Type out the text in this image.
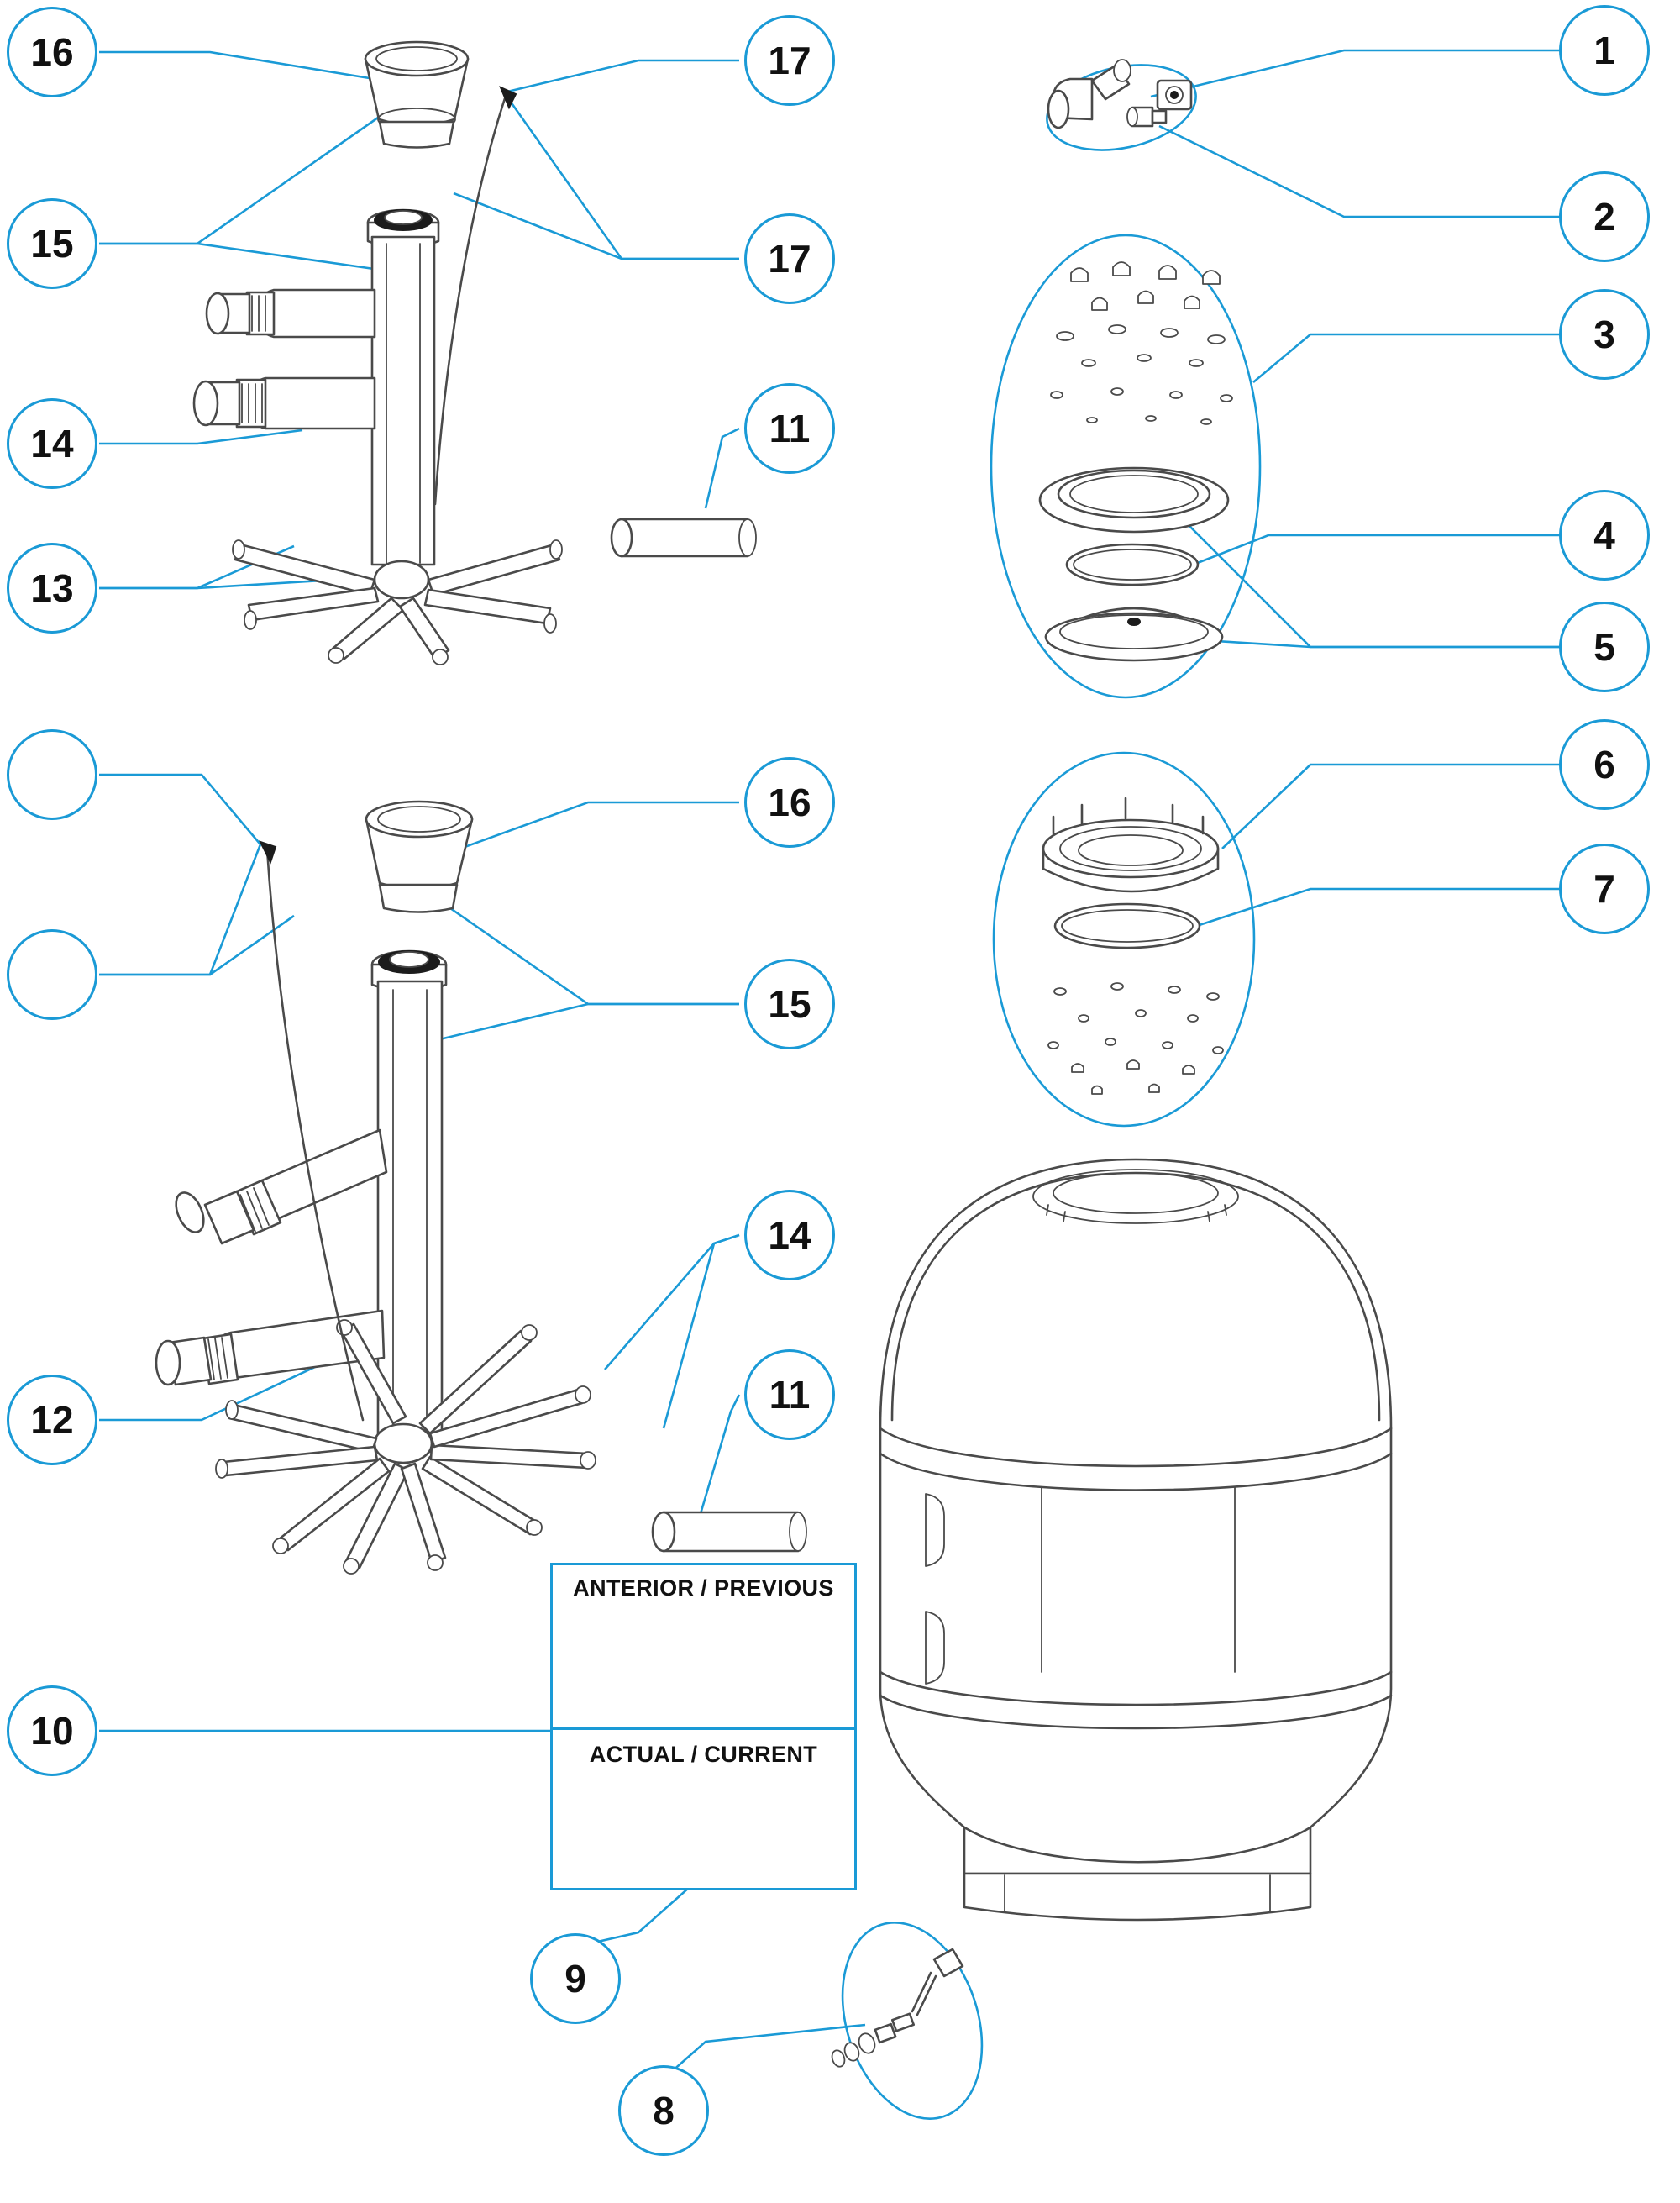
ANTERIOR / PREVIOUS
ACTUAL / CURRENT
16	17	1
2
15	17
3
14	11
4
13
5
6
16
7
15
14
11
12
10
9
8
